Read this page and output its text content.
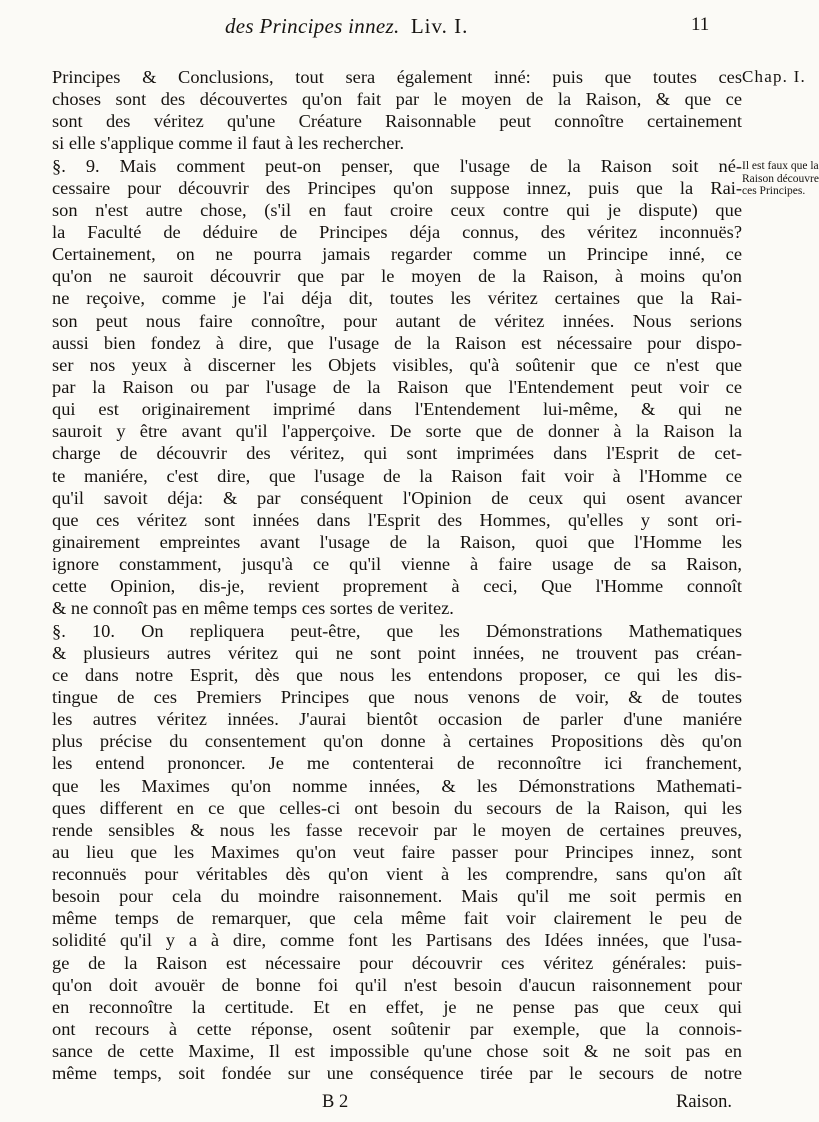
des Principes innez. Liv. I.	11
Chap. I.
Il est faux que la
Raison découvre
ces Principes.
Principes & Conclusions, tout sera également inné: puis que toutes ces
choses sont des découvertes qu'on fait par le moyen de la Raison, & que ce
sont des véritez qu'une Créature Raisonnable peut connoître certainement
si elle s'applique comme il faut à les rechercher.
§. 9. Mais comment peut-on penser, que l'usage de la Raison soit né-
cessaire pour découvrir des Principes qu'on suppose innez, puis que la Rai-
son n'est autre chose, (s'il en faut croire ceux contre qui je dispute) que
la Faculté de déduire de Principes déja connus, des véritez inconnuës?
Certainement, on ne pourra jamais regarder comme un Principe inné, ce
qu'on ne sauroit découvrir que par le moyen de la Raison, à moins qu'on
ne reçoive, comme je l'ai déja dit, toutes les véritez certaines que la Rai-
son peut nous faire connoître, pour autant de véritez innées. Nous serions
aussi bien fondez à dire, que l'usage de la Raison est nécessaire pour dispo-
ser nos yeux à discerner les Objets visibles, qu'à soûtenir que ce n'est que
par la Raison ou par l'usage de la Raison que l'Entendement peut voir ce
qui est originairement imprimé dans l'Entendement lui-même, & qui ne
sauroit y être avant qu'il l'apperçoive. De sorte que de donner à la Raison la
charge de découvrir des véritez, qui sont imprimées dans l'Esprit de cet-
te maniére, c'est dire, que l'usage de la Raison fait voir à l'Homme ce
qu'il savoit déja: & par conséquent l'Opinion de ceux qui osent avancer
que ces véritez sont innées dans l'Esprit des Hommes, qu'elles y sont ori-
ginairement empreintes avant l'usage de la Raison, quoi que l'Homme les
ignore constamment, jusqu'à ce qu'il vienne à faire usage de sa Raison,
cette Opinion, dis-je, revient proprement à ceci, Que l'Homme connoît
& ne connoît pas en même temps ces sortes de veritez.
§. 10. On repliquera peut-être, que les Démonstrations Mathematiques
& plusieurs autres véritez qui ne sont point innées, ne trouvent pas créan-
ce dans notre Esprit, dès que nous les entendons proposer, ce qui les dis-
tingue de ces Premiers Principes que nous venons de voir, & de toutes
les autres véritez innées. J'aurai bientôt occasion de parler d'une maniére
plus précise du consentement qu'on donne à certaines Propositions dès qu'on
les entend prononcer. Je me contenterai de reconnoître ici franchement,
que les Maximes qu'on nomme innées, & les Démonstrations Mathemati-
ques different en ce que celles-ci ont besoin du secours de la Raison, qui les
rende sensibles & nous les fasse recevoir par le moyen de certaines preuves,
au lieu que les Maximes qu'on veut faire passer pour Principes innez, sont
reconnuës pour véritables dès qu'on vient à les comprendre, sans qu'on aît
besoin pour cela du moindre raisonnement. Mais qu'il me soit permis en
même temps de remarquer, que cela même fait voir clairement le peu de
solidité qu'il y a à dire, comme font les Partisans des Idées innées, que l'usa-
ge de la Raison est nécessaire pour découvrir ces véritez générales: puis-
qu'on doit avouër de bonne foi qu'il n'est besoin d'aucun raisonnement pour
en reconnoître la certitude. Et en effet, je ne pense pas que ceux qui
ont recours à cette réponse, osent soûtenir par exemple, que la connois-
sance de cette Maxime, Il est impossible qu'une chose soit & ne soit pas en
même temps, soit fondée sur une conséquence tirée par le secours de notre
B 2	Raison.
